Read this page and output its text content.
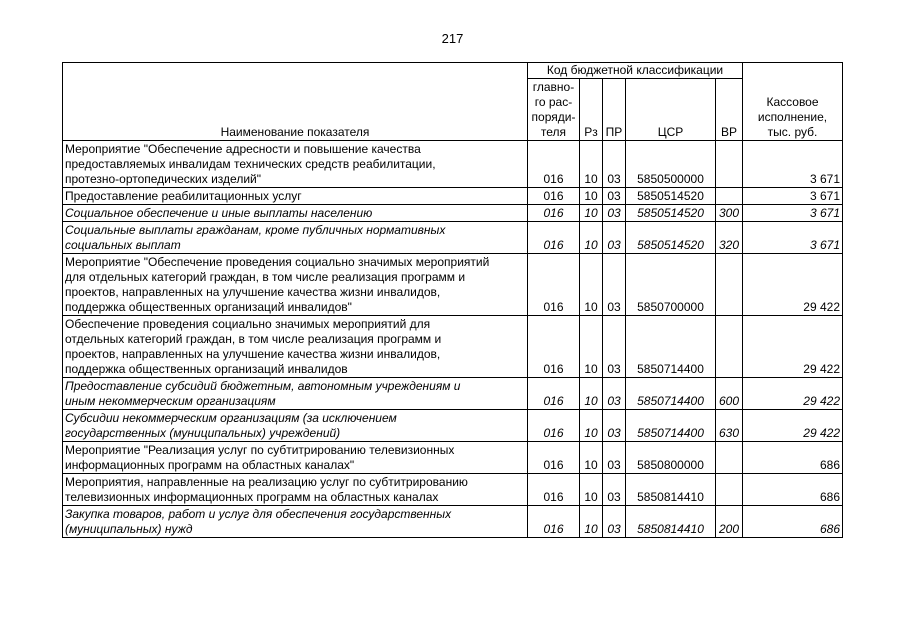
217
Наименование показателя	Код бюджетной классификации					Кассовое
исполнение,
тыс. руб.

	главно-
го рас-
поряди-
теля	Рз	ПР	ЦСР	ВР	

Мероприятие "Обеспечение адресности и повышение качества
предоставляемых инвалидам технических средств реабилитации,
протезно-ортопедических изделий"	016	10	03	5850500000		3 671

Предоставление реабилитационных услуг	016	10	03	5850514520		3 671

Социальное обеспечение и иные выплаты населению	016	10	03	5850514520	300	3 671

Социальные выплаты гражданам, кроме публичных нормативных
социальных выплат	016	10	03	5850514520	320	3 671

Мероприятие "Обеспечение проведения социально значимых мероприятий
для отдельных категорий граждан, в том числе реализация программ и
проектов, направленных на улучшение качества жизни инвалидов,
поддержка общественных организаций инвалидов"	016	10	03	5850700000		29 422

Обеспечение проведения социально значимых мероприятий для
отдельных категорий граждан, в том числе реализация программ и
проектов, направленных на улучшение качества жизни инвалидов,
поддержка общественных организаций инвалидов	016	10	03	5850714400		29 422

Предоставление субсидий бюджетным, автономным учреждениям и
иным некоммерческим организациям	016	10	03	5850714400	600	29 422

Субсидии некоммерческим организациям (за исключением
государственных (муниципальных) учреждений)	016	10	03	5850714400	630	29 422

Мероприятие "Реализация услуг по субтитрированию телевизионных
информационных программ на областных каналах"	016	10	03	5850800000		686

Мероприятия, направленные на реализацию услуг по субтитрированию
телевизионных информационных программ на областных каналах	016	10	03	5850814410		686

Закупка товаров, работ и услуг для обеспечения государственных
(муниципальных) нужд	016	10	03	5850814410	200	686
